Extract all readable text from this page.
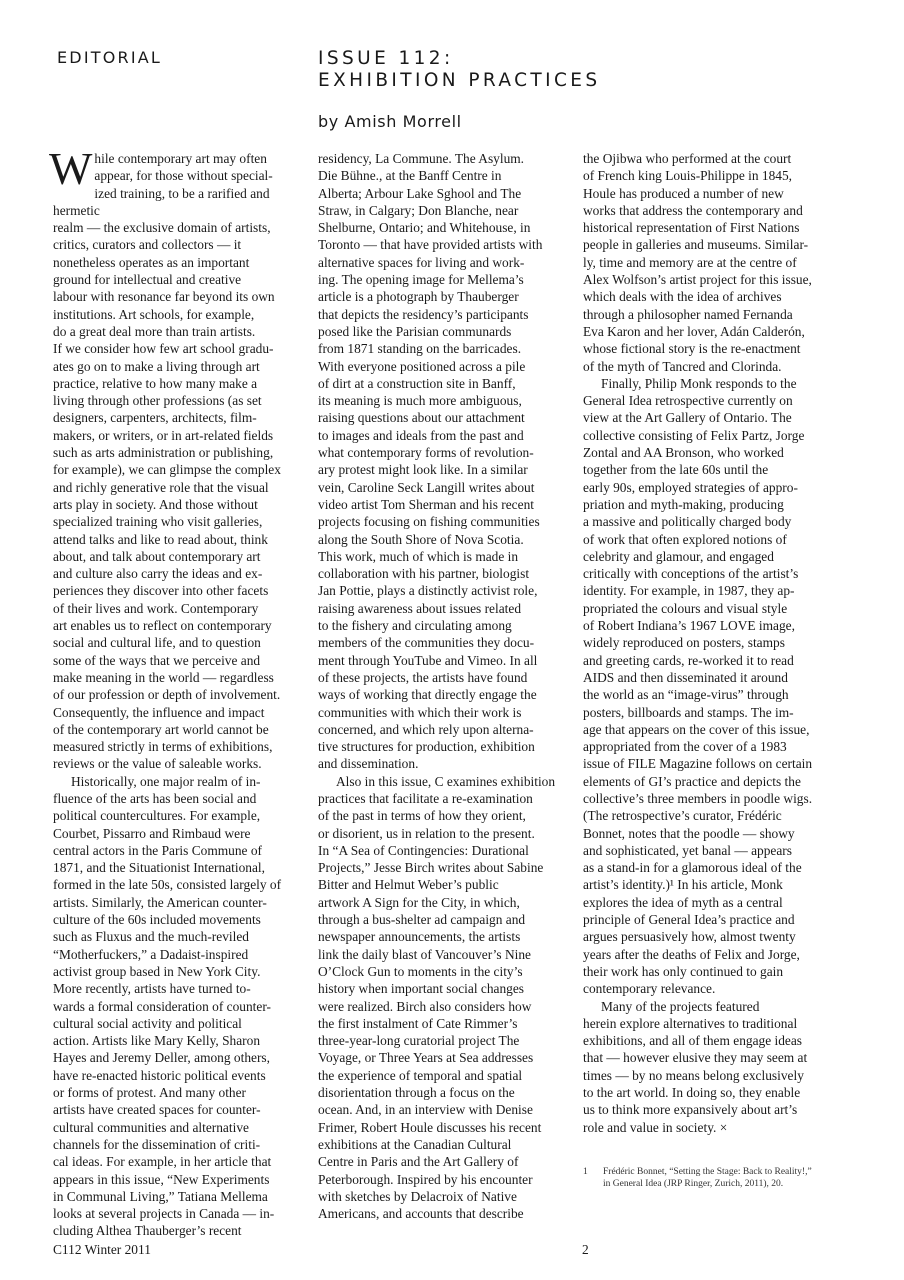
EDITORIAL	ISSUE 112:
EXHIBITION PRACTICES
by Amish Morrell
W hile contemporary art may often
appear, for those without special-
ized training, to be a rarified and hermetic
realm — the exclusive domain of artists,
critics, curators and collectors — it
nonetheless operates as an important
ground for intellectual and creative
labour with resonance far beyond its own
institutions. Art schools, for example,
do a great deal more than train artists.
If we consider how few art school gradu-
ates go on to make a living through art
practice, relative to how many make a
living through other professions (as set
designers, carpenters, architects, film-
makers, or writers, or in art-related fields
such as arts administration or publishing,
for example), we can glimpse the complex
and richly generative role that the visual
arts play in society. And those without
specialized training who visit galleries,
attend talks and like to read about, think
about, and talk about contemporary art
and culture also carry the ideas and ex-
periences they discover into other facets
of their lives and work. Contemporary
art enables us to reflect on contemporary
social and cultural life, and to question
some of the ways that we perceive and
make meaning in the world — regardless
of our profession or depth of involvement.
Consequently, the influence and impact
of the contemporary art world cannot be
measured strictly in terms of exhibitions,
reviews or the value of saleable works.

Historically, one major realm of in-
fluence of the arts has been social and
political countercultures. For example,
Courbet, Pissarro and Rimbaud were
central actors in the Paris Commune of
1871, and the Situationist International,
formed in the late 50s, consisted largely of
artists. Similarly, the American counter-
culture of the 60s included movements
such as Fluxus and the much-reviled
“Motherfuckers,” a Dadaist-inspired
activist group based in New York City.
More recently, artists have turned to-
wards a formal consideration of counter-
cultural social activity and political
action. Artists like Mary Kelly, Sharon
Hayes and Jeremy Deller, among others,
have re-enacted historic political events
or forms of protest. And many other
artists have created spaces for counter-
cultural communities and alternative
channels for the dissemination of criti-
cal ideas. For example, in her article that
appears in this issue, “New Experiments
in Communal Living,” Tatiana Mellema
looks at several projects in Canada — in-
cluding Althea Thauberger’s recent

residency, La Commune. The Asylum.
Die Bühne., at the Banff Centre in
Alberta; Arbour Lake Sghool and The
Straw, in Calgary; Don Blanche, near
Shelburne, Ontario; and Whitehouse, in
Toronto — that have provided artists with
alternative spaces for living and work-
ing. The opening image for Mellema’s
article is a photograph by Thauberger
that depicts the residency’s participants
posed like the Parisian communards
from 1871 standing on the barricades.
With everyone positioned across a pile
of dirt at a construction site in Banff,
its meaning is much more ambiguous,
raising questions about our attachment
to images and ideals from the past and
what contemporary forms of revolution-
ary protest might look like. In a similar
vein, Caroline Seck Langill writes about
video artist Tom Sherman and his recent
projects focusing on fishing communities
along the South Shore of Nova Scotia.
This work, much of which is made in
collaboration with his partner, biologist
Jan Pottie, plays a distinctly activist role,
raising awareness about issues related
to the fishery and circulating among
members of the communities they docu-
ment through YouTube and Vimeo. In all
of these projects, the artists have found
ways of working that directly engage the
communities with which their work is
concerned, and which rely upon alterna-
tive structures for production, exhibition
and dissemination.

Also in this issue, C examines exhibition
practices that facilitate a re-examination
of the past in terms of how they orient,
or disorient, us in relation to the present.
In “A Sea of Contingencies: Durational
Projects,” Jesse Birch writes about Sabine
Bitter and Helmut Weber’s public
artwork A Sign for the City, in which,
through a bus-shelter ad campaign and
newspaper announcements, the artists
link the daily blast of Vancouver’s Nine
O’Clock Gun to moments in the city’s
history when important social changes
were realized. Birch also considers how
the first instalment of Cate Rimmer’s
three-year-long curatorial project The
Voyage, or Three Years at Sea addresses
the experience of temporal and spatial
disorientation through a focus on the
ocean. And, in an interview with Denise
Frimer, Robert Houle discusses his recent
exhibitions at the Canadian Cultural
Centre in Paris and the Art Gallery of
Peterborough. Inspired by his encounter
with sketches by Delacroix of Native
Americans, and accounts that describe

the Ojibwa who performed at the court
of French king Louis-Philippe in 1845,
Houle has produced a number of new
works that address the contemporary and
historical representation of First Nations
people in galleries and museums. Similar-
ly, time and memory are at the centre of
Alex Wolfson’s artist project for this issue,
which deals with the idea of archives
through a philosopher named Fernanda
Eva Karon and her lover, Adán Calderón,
whose fictional story is the re-enactment
of the myth of Tancred and Clorinda.

Finally, Philip Monk responds to the
General Idea retrospective currently on
view at the Art Gallery of Ontario. The
collective consisting of Felix Partz, Jorge
Zontal and AA Bronson, who worked
together from the late 60s until the
early 90s, employed strategies of appro-
priation and myth-making, producing
a massive and politically charged body
of work that often explored notions of
celebrity and glamour, and engaged
critically with conceptions of the artist’s
identity. For example, in 1987, they ap-
propriated the colours and visual style
of Robert Indiana’s 1967 LOVE image,
widely reproduced on posters, stamps
and greeting cards, re-worked it to read
AIDS and then disseminated it around
the world as an “image-virus” through
posters, billboards and stamps. The im-
age that appears on the cover of this issue,
appropriated from the cover of a 1983
issue of FILE Magazine follows on certain
elements of GI’s practice and depicts the
collective’s three members in poodle wigs.
(The retrospective’s curator, Frédéric
Bonnet, notes that the poodle — showy
and sophisticated, yet banal — appears
as a stand-in for a glamorous ideal of the
artist’s identity.)¹ In his article, Monk
explores the idea of myth as a central
principle of General Idea’s practice and
argues persuasively how, almost twenty
years after the deaths of Felix and Jorge,
their work has only continued to gain
contemporary relevance.

Many of the projects featured
herein explore alternatives to traditional
exhibitions, and all of them engage ideas
that — however elusive they may seem at
times — by no means belong exclusively
to the art world. In doing so, they enable
us to think more expansively about art’s
role and value in society. ×

1 Frédéric Bonnet, “Setting the Stage: Back to Reality!,”
in General Idea (JRP Ringer, Zurich, 2011), 20.
C112 Winter 2011	2
